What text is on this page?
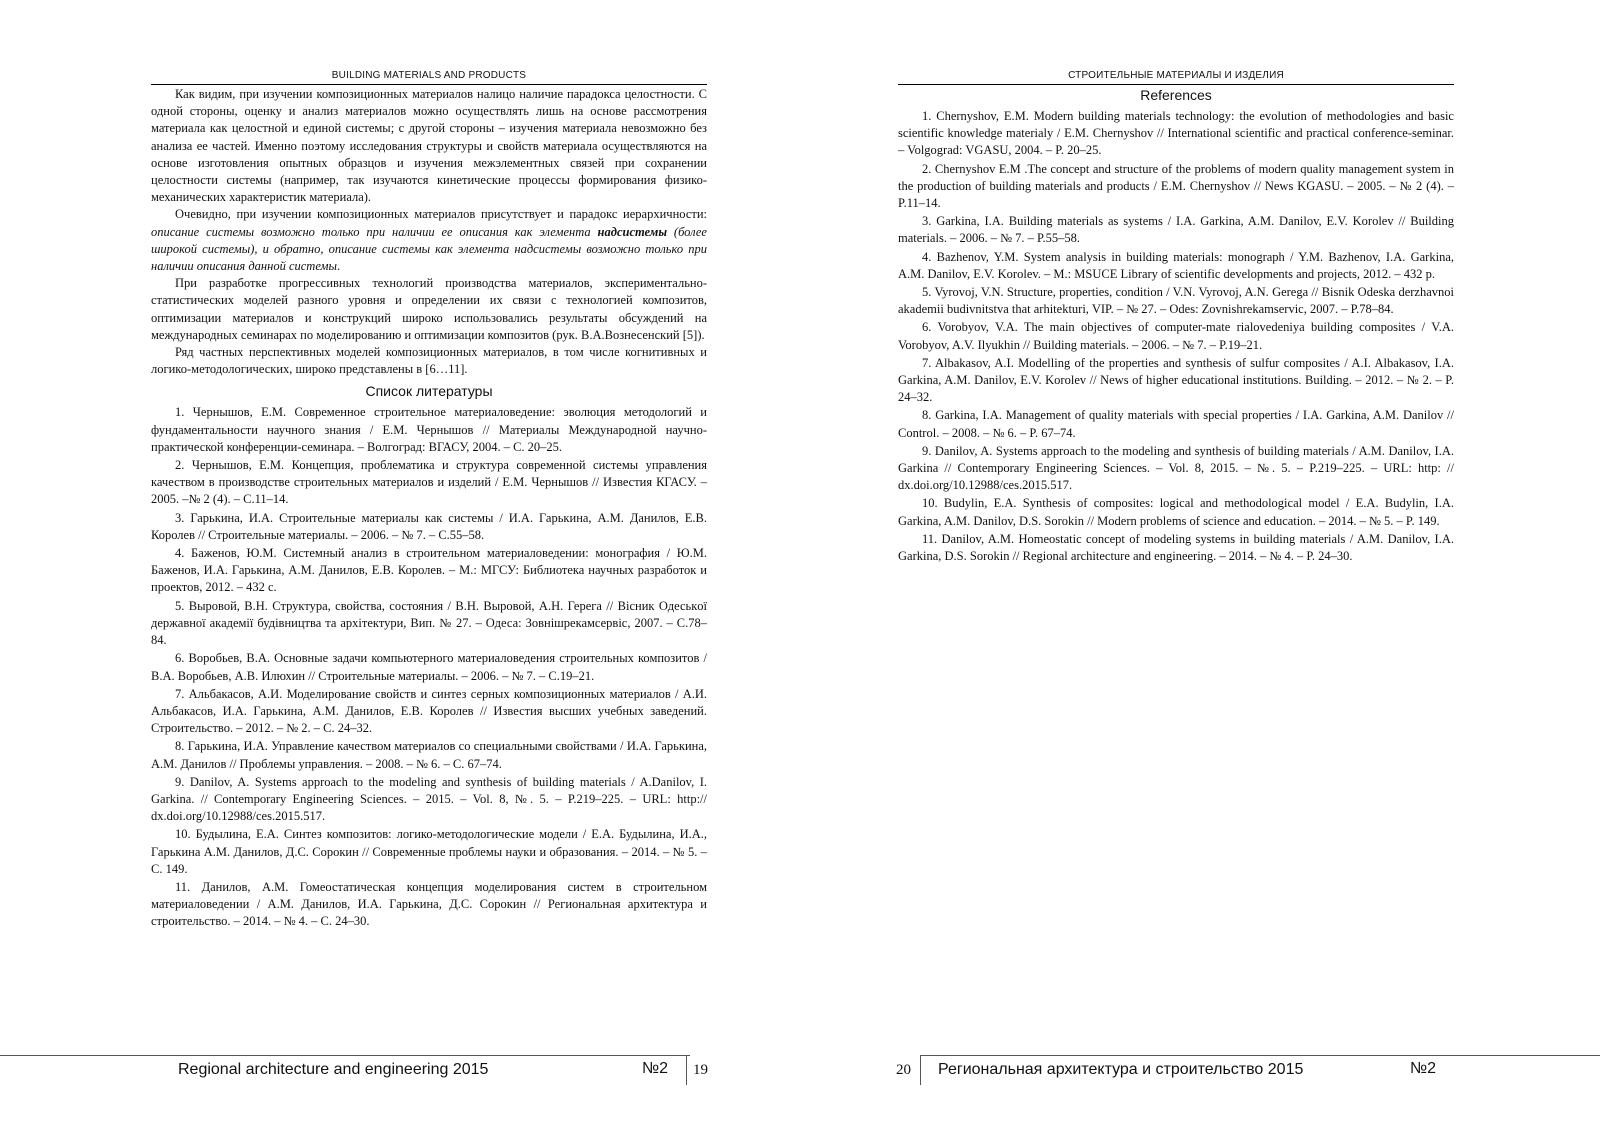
BUILDING MATERIALS AND PRODUCTS

Как видим, при изучении композиционных материалов налицо наличие парадокса целостности. С одной стороны, оценку и анализ материалов можно осуществлять лишь на основе рассмотрения материала как целостной и единой системы; с другой стороны – изучения материала невозможно без анализа ее частей. Именно поэтому исследования структуры и свойств материала осуществляются на основе изготовления опытных образцов и изучения межэлементных связей при сохранении целостности системы (например, так изучаются кинетические процессы формирования физико-механических характеристик материала).

Очевидно, при изучении композиционных материалов присутствует и парадокс иерархичности: описание системы возможно только при наличии ее описания как элемента надсистемы (более широкой системы), и обратно, описание системы как элемента надсистемы возможно только при наличии описания данной системы.

При разработке прогрессивных технологий производства материалов, экспериментально-статистических моделей разного уровня и определении их связи с технологией композитов, оптимизации материалов и конструкций широко использовались результаты обсуждений на международных семинарах по моделированию и оптимизации композитов (рук. В.А.Вознесенский [5]).

Ряд частных перспективных моделей композиционных материалов, в том числе когнитивных и логико-методологических, широко представлены в [6…11].

Список литературы

1. Чернышов, Е.М. Современное строительное материаловедение: эволюция методологий и фундаментальности научного знания / Е.М. Чернышов // Материалы Международной научно-практической конференции-семинара. – Волгоград: ВГАСУ, 2004. – С. 20–25.

2. Чернышов, Е.М. Концепция, проблематика и структура современной системы управления качеством в производстве строительных материалов и изделий / Е.М. Чернышов // Известия КГАСУ. – 2005. –№ 2 (4). – С.11–14.

3. Гарькина, И.А. Строительные материалы как системы / И.А. Гарькина, А.М. Данилов, Е.В. Королев // Строительные материалы. – 2006. – № 7. – С.55–58.

4. Баженов, Ю.М. Системный анализ в строительном материаловедении: монография / Ю.М. Баженов, И.А. Гарькина, А.М. Данилов, Е.В. Королев. – М.: МГСУ: Библиотека научных разработок и проектов, 2012. – 432 с.

5. Выровой, В.Н. Структура, свойства, состояния / В.Н. Выровой, А.Н. Герега // Вісник Одеськoї державної академії будівництва та архітектури, Вип. № 27. – Одеса: Зовнішрекамсервіс, 2007. – С.78–84.

6. Воробьев, В.А. Основные задачи компьютерного материаловедения строительных композитов / В.А. Воробьев, А.В. Илюхин // Строительные материалы. – 2006. – № 7. – С.19–21.

7. Альбакасов, А.И. Моделирование свойств и синтез серных композиционных материалов / А.И. Альбакасов, И.А. Гарькина, А.М. Данилов, Е.В. Королев // Известия высших учебных заведений. Строительство. – 2012. – № 2. – С. 24–32.

8. Гарькина, И.А. Управление качеством материалов со специальными свойствами / И.А. Гарькина, А.М. Данилов // Проблемы управления. – 2008. – № 6. – С. 67–74.

9. Danilov, A. Systems approach to the modeling and synthesis of building materials / A.Danilov, I. Garkina. // Contemporary Engineering Sciences. – 2015. – Vol. 8, №. 5. – P.219–225. – URL: http:// dx.doi.org/10.12988/ces.2015.517.

10. Будылина, Е.А. Синтез композитов: логико-методологические модели / Е.А. Будылина, И.А., Гарькина А.М. Данилов, Д.С. Сорокин // Современные проблемы науки и образования. – 2014. – № 5. – С. 149.

11. Данилов, А.М. Гомеостатическая концепция моделирования систем в строительном материаловедении / А.М. Данилов, И.А. Гарькина, Д.С. Сорокин // Региональная архитектура и строительство. – 2014. – № 4. – С. 24–30.

Regional architecture and engineering 2015	№2 19
СТРОИТЕЛЬНЫЕ МАТЕРИАЛЫ И ИЗДЕЛИЯ
References

1. Chernyshov, E.M. Modern building materials technology: the evolution of methodologies and basic scientific knowledge materialy / E.M. Chernyshov // International scientific and practical conference-seminar. – Volgograd: VGASU, 2004. – P. 20–25.

2. Chernyshov E.M .The concept and structure of the problems of modern quality management system in the production of building materials and products / E.M. Chernyshov // News KGASU. – 2005. – № 2 (4). – P.11–14.

3. Garkina, I.A. Building materials as systems / I.A. Garkina, A.M. Danilov, E.V. Korolev // Building materials. – 2006. – № 7. – P.55–58.

4. Bazhenov, Y.M. System analysis in building materials: monograph / Y.M. Bazhenov, I.A. Garkina, A.M. Danilov, E.V. Korolev. – M.: MSUCE Library of scientific developments and projects, 2012. – 432 p.

5. Vyrovoj, V.N. Structure, properties, condition / V.N. Vyrovoj, A.N. Gerega // Bisnik Odeska derzhavnoi akademii budivnitstva that arhitekturi, VIP. – № 27. – Odes: Zovnishrekamservic, 2007. – P.78–84.

6. Vorobyov, V.A. The main objectives of computer-mate rialovedeniya building composites / V.A. Vorobyov, A.V. Ilyukhin // Building materials. – 2006. – № 7. – P.19–21.

7. Albakasov, A.I. Modelling of the properties and synthesis of sulfur composites / A.I. Albakasov, I.A. Garkina, A.M. Danilov, E.V. Korolev // News of higher educational institutions. Building. – 2012. – № 2. – P. 24–32.

8. Garkina, I.A. Management of quality materials with special properties / I.A. Garkina, A.M. Danilov // Control. – 2008. – № 6. – P. 67–74.

9. Danilov, A. Systems approach to the modeling and synthesis of building materials / A.M. Danilov, I.A. Garkina // Contemporary Engineering Sciences. – Vol. 8, 2015. – №. 5. – P.219–225. – URL: http: // dx.doi.org/10.12988/ces.2015.517.

10. Budylin, E.A. Synthesis of composites: logical and methodological model / E.A. Budylin, I.A. Garkina, A.M. Danilov, D.S. Sorokin // Modern problems of science and education. – 2014. – № 5. – P. 149.

11. Danilov, A.M. Homeostatic concept of modeling systems in building materials / A.M. Danilov, I.A. Garkina, D.S. Sorokin // Regional architecture and engineering. – 2014. – № 4. – P. 24–30.

20 Региональная архитектура и строительство 2015	№2
